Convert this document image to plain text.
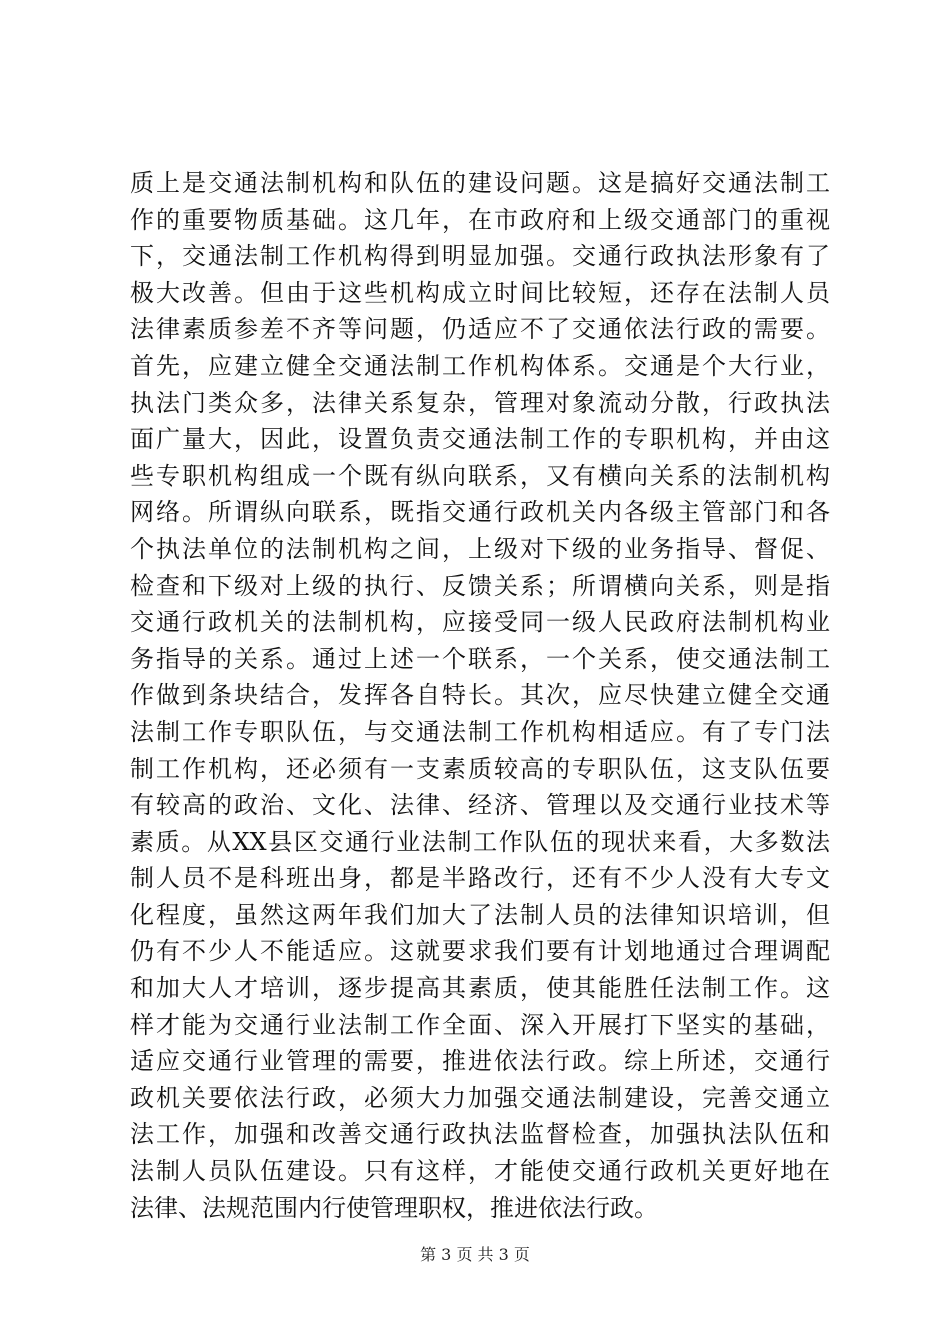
质上是交通法制机构和队伍的建设问题。这是搞好交通法制工
作的重要物质基础。这几年，在市政府和上级交通部门的重视
下，交通法制工作机构得到明显加强。交通行政执法形象有了
极大改善。但由于这些机构成立时间比较短，还存在法制人员
法律素质参差不齐等问题，仍适应不了交通依法行政的需要。
首先，应建立健全交通法制工作机构体系。交通是个大行业，
执法门类众多，法律关系复杂，管理对象流动分散，行政执法
面广量大，因此，设置负责交通法制工作的专职机构，并由这
些专职机构组成一个既有纵向联系，又有横向关系的法制机构
网络。所谓纵向联系，既指交通行政机关内各级主管部门和各
个执法单位的法制机构之间，上级对下级的业务指导、督促、
检查和下级对上级的执行、反馈关系；所谓横向关系，则是指
交通行政机关的法制机构，应接受同一级人民政府法制机构业
务指导的关系。通过上述一个联系，一个关系，使交通法制工
作做到条块结合，发挥各自特长。其次，应尽快建立健全交通
法制工作专职队伍，与交通法制工作机构相适应。有了专门法
制工作机构，还必须有一支素质较高的专职队伍，这支队伍要
有较高的政治、文化、法律、经济、管理以及交通行业技术等
素质。从XX县区交通行业法制工作队伍的现状来看，大多数法
制人员不是科班出身，都是半路改行，还有不少人没有大专文
化程度，虽然这两年我们加大了法制人员的法律知识培训，但
仍有不少人不能适应。这就要求我们要有计划地通过合理调配
和加大人才培训，逐步提高其素质，使其能胜任法制工作。这
样才能为交通行业法制工作全面、深入开展打下坚实的基础，
适应交通行业管理的需要，推进依法行政。综上所述，交通行
政机关要依法行政，必须大力加强交通法制建设，完善交通立
法工作，加强和改善交通行政执法监督检查，加强执法队伍和
法制人员队伍建设。只有这样，才能使交通行政机关更好地在
法律、法规范围内行使管理职权，推进依法行政。
第 3 页 共 3 页
